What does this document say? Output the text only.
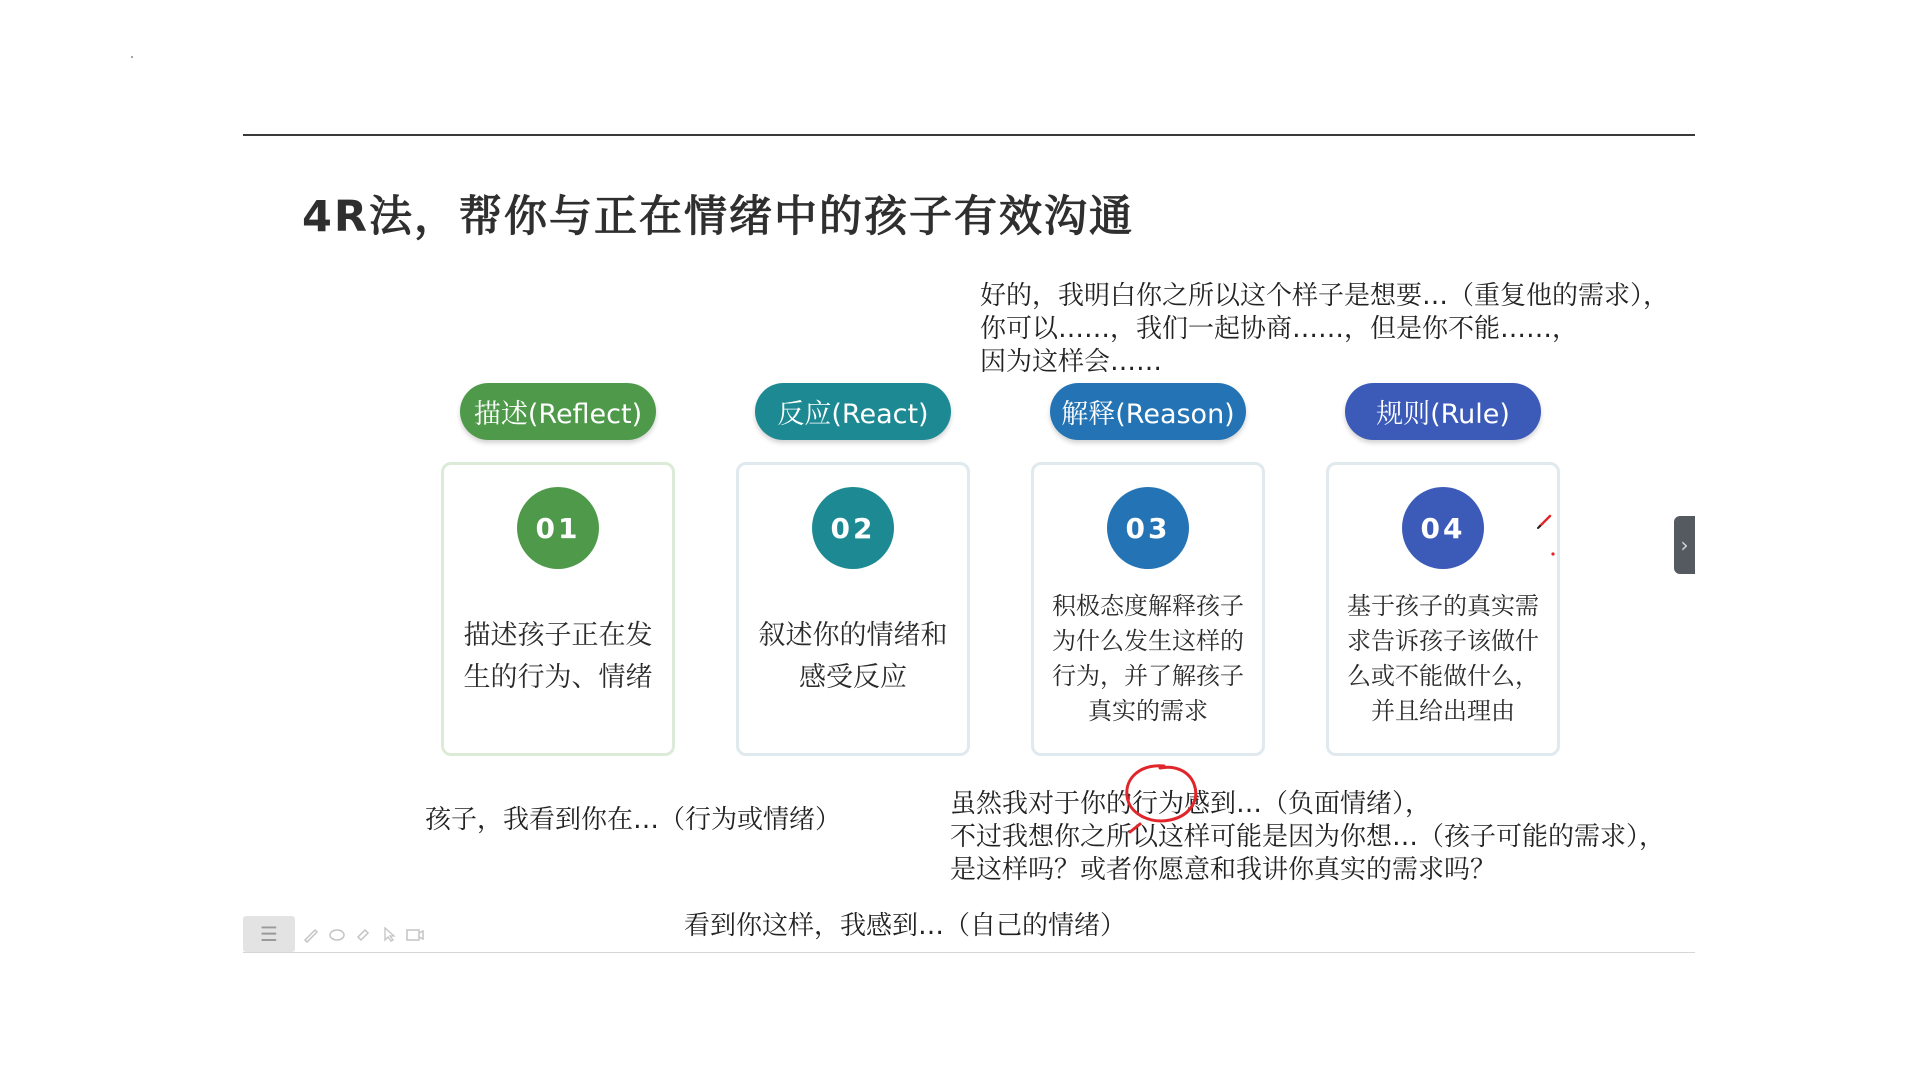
4R法，帮你与正在情绪中的孩子有效沟通
好的，我明白你之所以这个样子是想要…（重复他的需求），
你可以……，我们一起协商……，但是你不能……，
因为这样会……
描述(Reflect)	反应(React)	解释(Reason)	规则(Rule)
01
描述孩子正在发
生的行为、情绪
02
叙述你的情绪和
感受反应
03
积极态度解释孩子
为什么发生这样的
行为，并了解孩子
真实的需求
04
基于孩子的真实需
求告诉孩子该做什
么或不能做什么，
并且给出理由
孩子，我看到你在…（行为或情绪）
虽然我对于你的行为感到…（负面情绪），
不过我想你之所以这样可能是因为你想…（孩子可能的需求），
是这样吗？或者你愿意和我讲你真实的需求吗？
看到你这样，我感到…（自己的情绪）
›
☰
